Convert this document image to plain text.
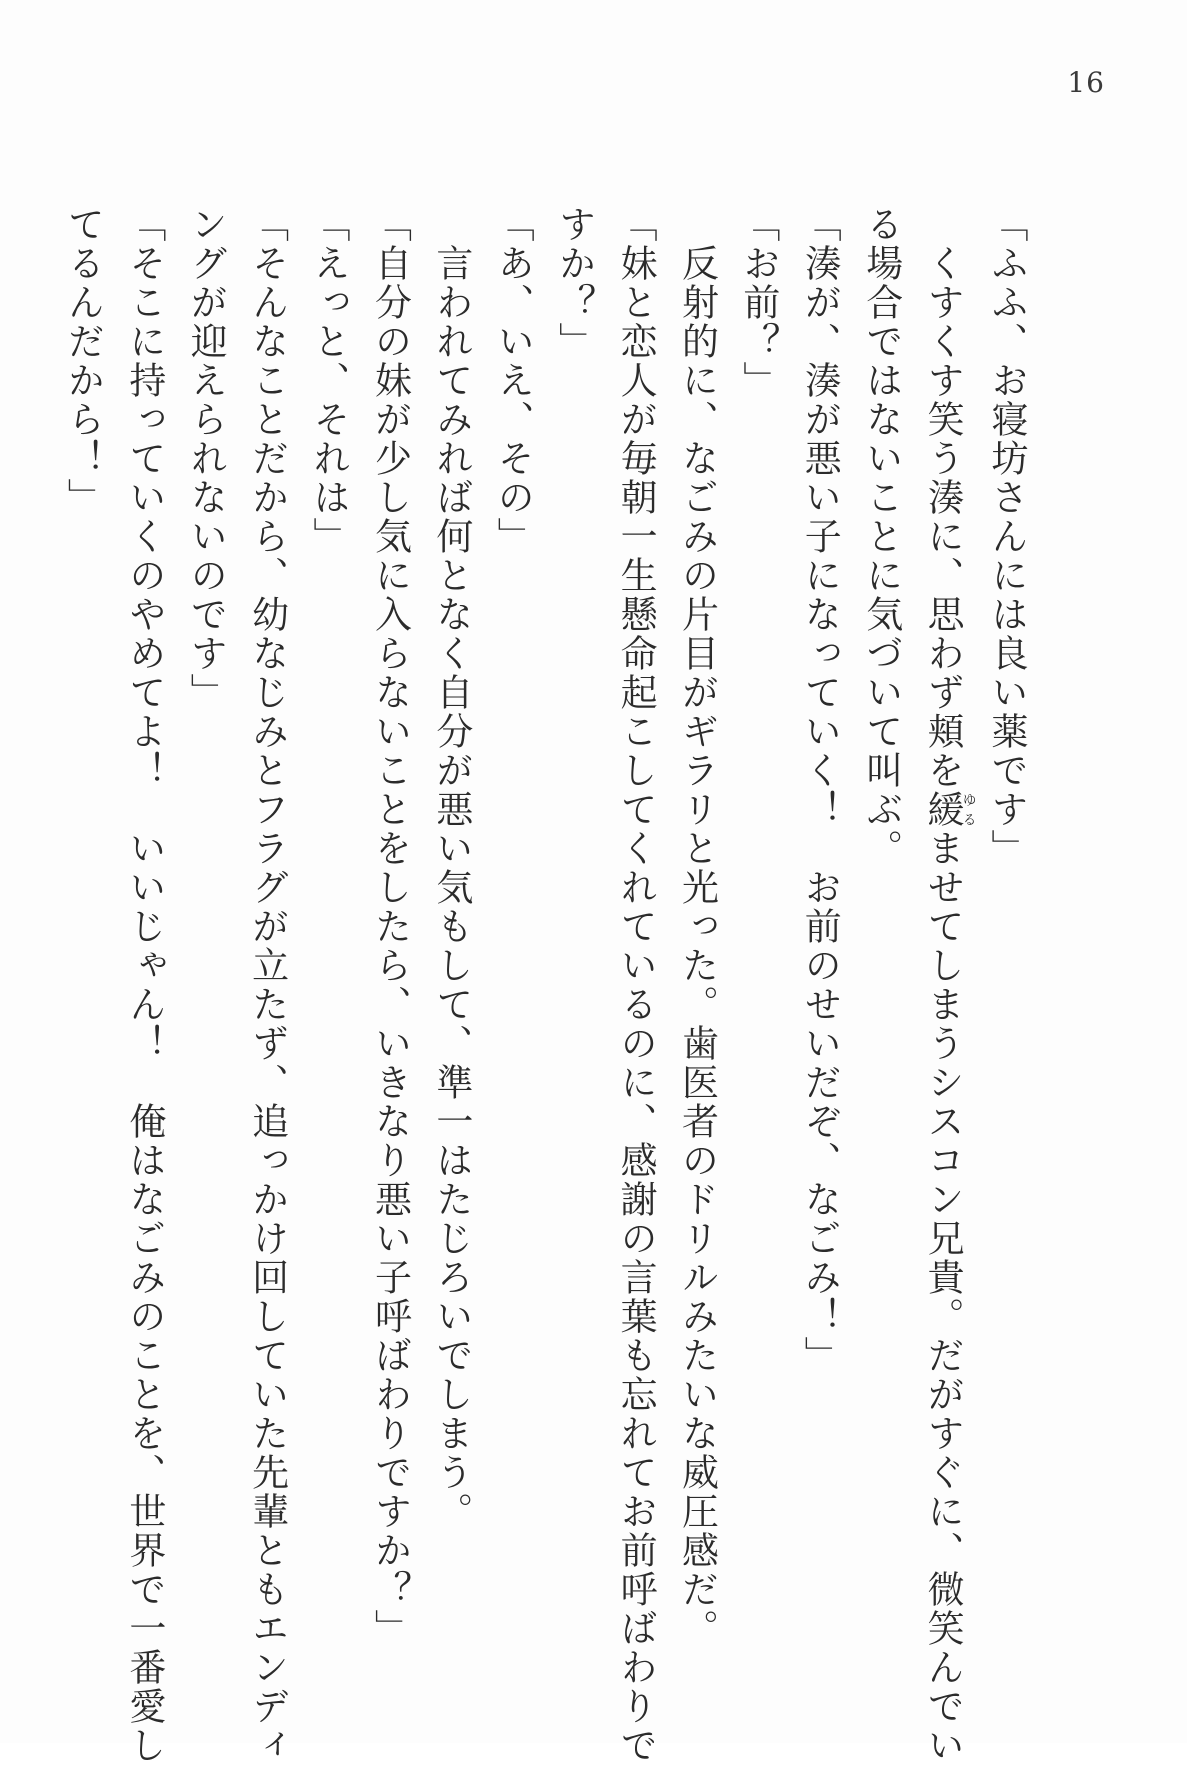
16
「ふふ、お寝坊さんには良い薬です」
　くすくす笑う湊に、思わず頬を緩ゆるませてしまうシスコン兄貴。だがすぐに、微笑んでい
る場合ではないことに気づいて叫ぶ。
「湊が、湊が悪い子になっていく！　お前のせいだぞ、なごみ！」
「お前？」
　反射的に、なごみの片目がギラリと光った。歯医者のドリルみたいな威圧感だ。
「妹と恋人が毎朝一生懸命起こしてくれているのに、感謝の言葉も忘れてお前呼ばわりで
すか？」
「あ、いえ、その」
　言われてみれば何となく自分が悪い気もして、準一はたじろいでしまう。
「自分の妹が少し気に入らないことをしたら、いきなり悪い子呼ばわりですか？」
「えっと、それは」
「そんなことだから、幼なじみとフラグが立たず、追っかけ回していた先輩ともエンディ
ングが迎えられないのです」
「そこに持っていくのやめてよ！　いいじゃん！　俺はなごみのことを、世界で一番愛し
てるんだから！」
